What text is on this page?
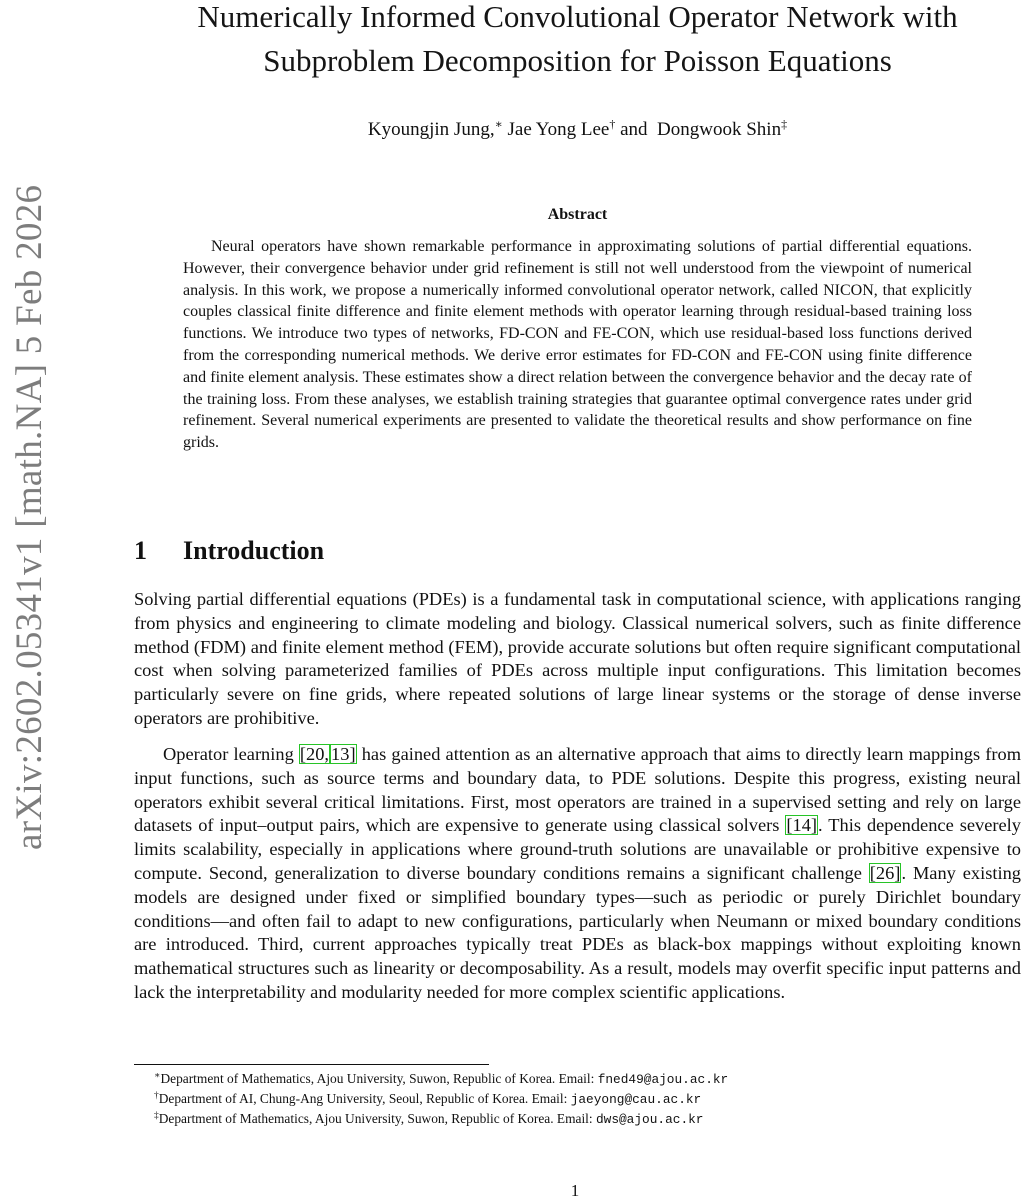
arXiv:2602.05341v1 [math.NA] 5 Feb 2026
Numerically Informed Convolutional Operator Network with
Subproblem Decomposition for Poisson Equations
Kyoungjin Jung,∗ Jae Yong Lee† and Dongwook Shin‡
Abstract

Neural operators have shown remarkable performance in approximating solutions of partial differential equations. However, their convergence behavior under grid refinement is still not well understood from the viewpoint of numerical analysis. In this work, we propose a numerically informed convolutional operator network, called NICON, that explicitly couples classical finite difference and finite element methods with operator learning through residual-based training loss functions. We introduce two types of networks, FD-CON and FE-CON, which use residual-based loss functions derived from the corresponding numerical methods. We derive error estimates for FD-CON and FE-CON using finite difference and finite element analysis. These estimates show a direct relation between the convergence behavior and the decay rate of the training loss. From these analyses, we establish training strategies that guarantee optimal convergence rates under grid refinement. Several numerical experiments are presented to validate the theoretical results and show performance on fine grids.

1 Introduction

Solving partial differential equations (PDEs) is a fundamental task in computational science, with applications ranging from physics and engineering to climate modeling and biology. Classical numerical solvers, such as finite difference method (FDM) and finite element method (FEM), provide accurate solutions but often require significant computational cost when solving parameterized families of PDEs across multiple input configurations. This limitation becomes particularly severe on fine grids, where repeated solutions of large linear systems or the storage of dense inverse operators are prohibitive.

Operator learning [20, 13] has gained attention as an alternative approach that aims to directly learn mappings from input functions, such as source terms and boundary data, to PDE solutions. Despite this progress, existing neural operators exhibit several critical limitations. First, most operators are trained in a supervised setting and rely on large datasets of input–output pairs, which are expensive to generate using classical solvers [14]. This dependence severely limits scalability, especially in applications where ground-truth solutions are unavailable or prohibitive expensive to compute. Second, generalization to diverse boundary conditions remains a significant challenge [26]. Many existing models are designed under fixed or simplified boundary types—such as periodic or purely Dirichlet boundary conditions—and often fail to adapt to new configurations, particularly when Neumann or mixed boundary conditions are introduced. Third, current approaches typically treat PDEs as black-box mappings without exploiting known mathematical structures such as linearity or decomposability. As a result, models may overfit specific input patterns and lack the interpretability and modularity needed for more complex scientific applications.

∗Department of Mathematics, Ajou University, Suwon, Republic of Korea. Email: fned49@ajou.ac.kr

†Department of AI, Chung-Ang University, Seoul, Republic of Korea. Email: jaeyong@cau.ac.kr

‡Department of Mathematics, Ajou University, Suwon, Republic of Korea. Email: dws@ajou.ac.kr

1
